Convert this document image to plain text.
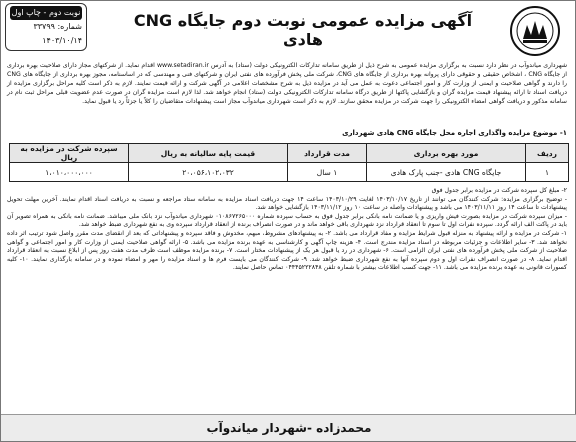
نوبت دوم - چاپ اول
شماره: ۳۳۷۹۹
۱۴۰۳/۱۰/۱۴
آگهی مزایده عمومی نوبت دوم جایگاه CNG هادی
شهرداری میاندوآب در نظر دارد نسبت به برگزاری مزایده عمومی به شرح ذیل از طریق سامانه تدارکات الکترونیکی دولت (ستاد) به آدرس www.setadiran.ir اقدام نماید. از شرکتهای مجاز دارای صلاحیت بهره برداری از جایگاه CNG ، اشخاص حقیقی و حقوقی دارای پروانه بهره برداری از جایگاه های CNG، شرکت ملی پخش فرآورده های نفتی ایران و شرکتهای فنی و مهندسی که در اساسنامه، مجوز بهره برداری از جایگاه های CNG را دارند و گواهی صلاحیت و ایمنی از وزارت کار و امور اجتماعی دعوت به عمل می آید در مزایده ذیل به شرح مشخصات اعلامی در آگهی شرکت و ارائه قیمت نمایند. لازم به ذکر است کلیه مراحل برگزاری مزایده از دریافت اسناد تا ارائه پیشنهاد قیمت مزایده گران و بازگشایی پاکتها از طریق درگاه سامانه تدارکات الکترونیکی دولت (ستاد) انجام خواهد شد. لذا لازم است مزایده گران در صورت عدم عضویت قبلی مراحل ثبت نام در سامانه مذکور و دریافت گواهی امضاء الکترونیکی را جهت شرکت در مزایده محقق سازند. لازم به ذکر است شهرداری میاندوآب مجاز است پیشنهادات متقاضیان را کلاً یا جزئاً رد یا قبول نماید.
۱- موضوع مزایده واگذاری اجاره محل جایگاه CNG هادی شهرداری
ردیف	مورد بهره برداری	مدت قرارداد	قیمت پایه سالیانه به ریال	سپرده شرکت در مزایده به ریال
۱	جایگاه CNG هادی -جنب پارک هادی	۱ سال	۲۰،۰۵۶،۱۰۲،۰۳۲	۱،۰۱۰،۰۰۰،۰۰۰
۲- مبلغ کل سپرده شرکت در مزایده برابر جدول فوق
- توضیح برگزاری مزایده: شرکت کنندگان می توانند از تاریخ ۱۴۰۳/۱۰/۱۷ لغایت ۱۴۰۳/۱۰/۲۹ ساعت ۱۴ جهت دریافت اسناد مزایده به سامانه ستاد مراجعه و نسبت به دریافت اسناد اقدام نمایند. آخرین مهلت تحویل پیشنهادات تا ساعت ۱۴ روز ۱۴۰۳/۱۱/۱۱ می باشد و پیشنهادات واصله در ساعت ۱۰ روز ۱۴۰۳/۱۱/۱۲ بازگشایی خواهد شد.
- میزان سپرده شرکت در مزایده بصورت فیش واریزی و یا ضمانت نامه بانکی برابر جدول فوق به حساب سپرده شماره ۰۱۰۸۶۷۲۶۵۰۰۰ شهرداری میاندوآب نزد بانک ملی میباشد. ضمانت نامه بانکی به همراه تصویر آن باید در پاکت الف ارائه گردد. سپرده نفرات اول تا سوم تا انعقاد قرارداد نزد شهرداری باقی خواهد ماند و در صورت انصراف برنده از انعقاد قرارداد سپرده وی به نفع شهرداری ضبط خواهد شد.
۱- شرکت در مزایده و ارائه پیشنهاد به منزله قبول شرایط مزایده و مفاد قرارداد می باشد. ۲- به پیشنهادهای مشروط، مبهم، مخدوش و فاقد سپرده و پیشنهاداتی که بعد از انقضای مدت مقرر واصل شود ترتیب اثر داده نخواهد شد. ۳- سایر اطلاعات و جزئیات مربوطه در اسناد مزایده مندرج است. ۴- هزینه چاپ آگهی و کارشناسی به عهده برنده مزایده می باشد. ۵- ارائه گواهی صلاحیت ایمنی از وزارت کار و امور اجتماعی و گواهی صلاحیت از شرکت ملی پخش فرآورده های نفتی ایران الزامی است. ۶- شهرداری در رد یا قبول هر یک از پیشنهادات مختار است. ۷- برنده مزایده موظف است ظرف مدت هفت روز پس از ابلاغ نسبت به انعقاد قرارداد اقدام نماید. ۸- در صورت انصراف نفرات اول و دوم سپرده آنها به نفع شهرداری ضبط خواهد شد. ۹- شرکت کنندگان می بایست فرم ها و اسناد مزایده را مهر و امضاء نموده و در سامانه بارگذاری نمایند. ۱۰- کلیه کسورات قانونی به عهده برنده مزایده می باشد. ۱۱- جهت کسب اطلاعات بیشتر با شماره تلفن ۰۴۴۴۵۲۲۲۸۴۸ تماس حاصل نمایند.
محمدزاده -شهردار میاندوآب
